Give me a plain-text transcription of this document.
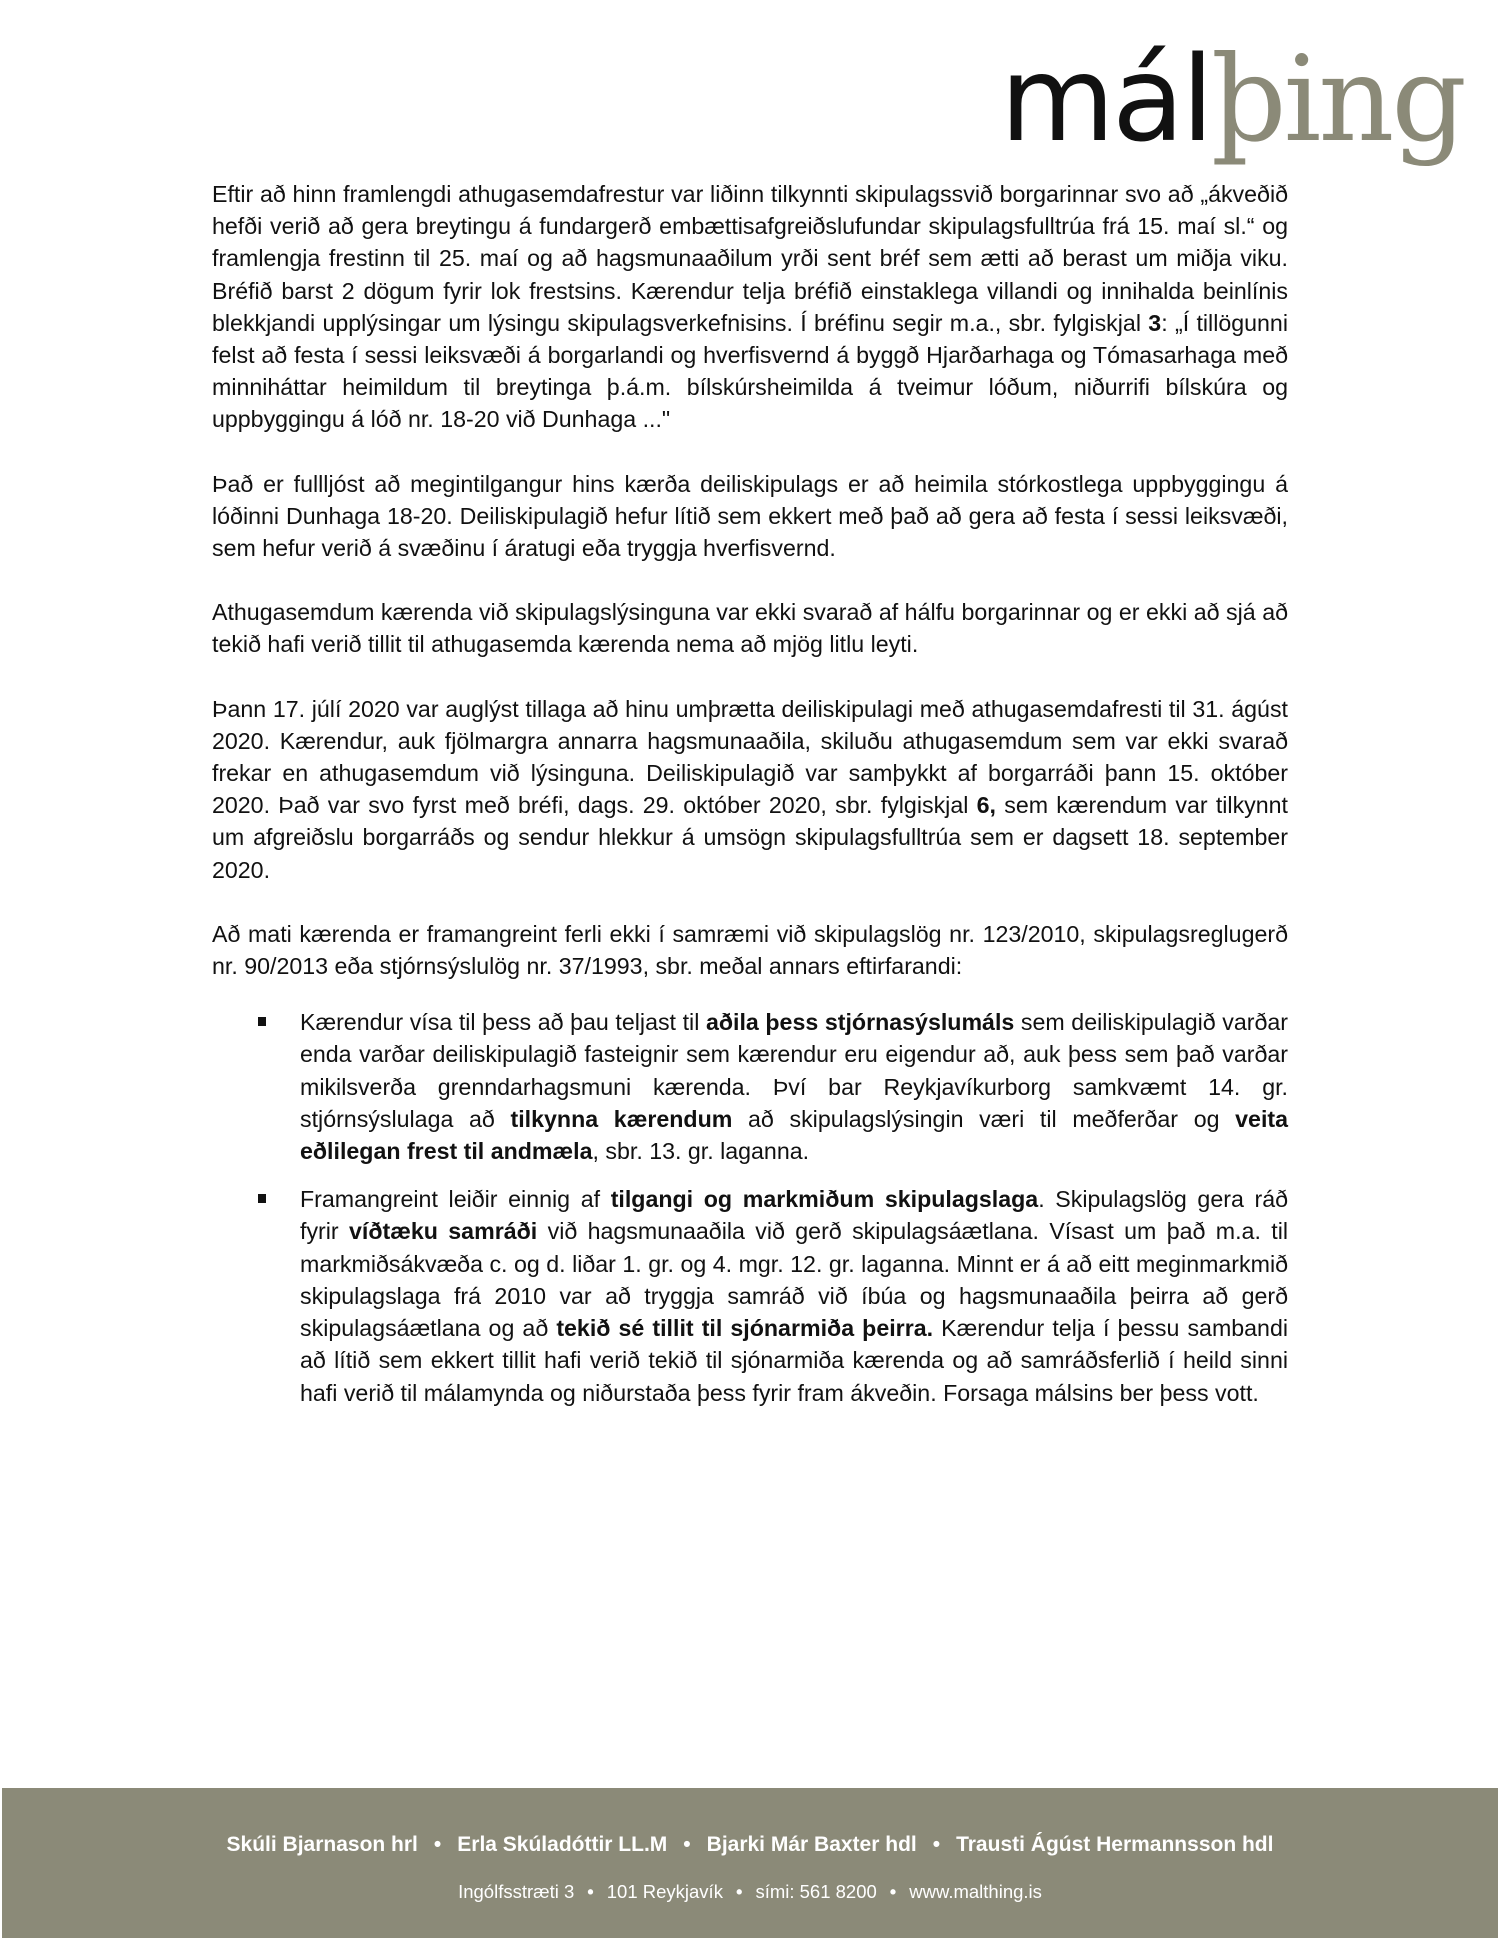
málþing

Eftir að hinn framlengdi athugasemdafrestur var liðinn tilkynnti skipulagssvið borgarinnar svo að „ákveðið hefði verið að gera breytingu á fundargerð embættisafgreiðslufundar skipulagsfulltrúa frá 15. maí sl.“ og framlengja frestinn til 25. maí og að hagsmunaaðilum yrði sent bréf sem ætti að berast um miðja viku. Bréfið barst 2 dögum fyrir lok frestsins. Kærendur telja bréfið einstaklega villandi og innihalda beinlínis blekkjandi upplýsingar um lýsingu skipulagsverkefnisins. Í bréfinu segir m.a., sbr. fylgiskjal 3: „Í tillögunni felst að festa í sessi leiksvæði á borgarlandi og hverfisvernd á byggð Hjarðarhaga og Tómasarhaga með minniháttar heimildum til breytinga þ.á.m. bílskúrsheimilda á tveimur lóðum, niðurrifi bílskúra og uppbyggingu á lóð nr. 18-20 við Dunhaga ..."

Það er fullljóst að megintilgangur hins kærða deiliskipulags er að heimila stórkostlega uppbyggingu á lóðinni Dunhaga 18-20. Deiliskipulagið hefur lítið sem ekkert með það að gera að festa í sessi leiksvæði, sem hefur verið á svæðinu í áratugi eða tryggja hverfisvernd.

Athugasemdum kærenda við skipulagslýsinguna var ekki svarað af hálfu borgarinnar og er ekki að sjá að tekið hafi verið tillit til athugasemda kærenda nema að mjög litlu leyti.

Þann 17. júlí 2020 var auglýst tillaga að hinu umþrætta deiliskipulagi með athugasemdafresti til 31. ágúst 2020. Kærendur, auk fjölmargra annarra hagsmunaaðila, skiluðu athugasemdum sem var ekki svarað frekar en athugasemdum við lýsinguna. Deiliskipulagið var samþykkt af borgarráði þann 15. október 2020. Það var svo fyrst með bréfi, dags. 29. október 2020, sbr. fylgiskjal 6, sem kærendum var tilkynnt um afgreiðslu borgarráðs og sendur hlekkur á umsögn skipulagsfulltrúa sem er dagsett 18. september 2020.

Að mati kærenda er framangreint ferli ekki í samræmi við skipulagslög nr. 123/2010, skipulagsreglugerð nr. 90/2013 eða stjórnsýslulög nr. 37/1993, sbr. meðal annars eftirfarandi:

Kærendur vísa til þess að þau teljast til aðila þess stjórnasýslumáls sem deiliskipulagið varðar enda varðar deiliskipulagið fasteignir sem kærendur eru eigendur að, auk þess sem það varðar mikilsverða grenndarhagsmuni kærenda. Því bar Reykjavíkurborg samkvæmt 14. gr. stjórnsýslulaga að tilkynna kærendum að skipulagslýsingin væri til meðferðar og veita eðlilegan frest til andmæla, sbr. 13. gr. laganna.
Framangreint leiðir einnig af tilgangi og markmiðum skipulagslaga. Skipulagslög gera ráð fyrir víðtæku samráði við hagsmunaaðila við gerð skipulagsáætlana. Vísast um það m.a. til markmiðsákvæða c. og d. liðar 1. gr. og 4. mgr. 12. gr. laganna. Minnt er á að eitt meginmarkmið skipulagslaga frá 2010 var að tryggja samráð við íbúa og hagsmunaaðila þeirra að gerð skipulagsáætlana og að tekið sé tillit til sjónarmiða þeirra. Kærendur telja í þessu sambandi að lítið sem ekkert tillit hafi verið tekið til sjónarmiða kærenda og að samráðsferlið í heild sinni hafi verið til málamynda og niðurstaða þess fyrir fram ákveðin. Forsaga málsins ber þess vott.
Skúli Bjarnason hrl • Erla Skúladóttir LL.M • Bjarki Már Baxter hdl • Trausti Ágúst Hermannsson hdl
Ingólfsstræti 3 • 101 Reykjavík • sími: 561 8200 • www.malthing.is
